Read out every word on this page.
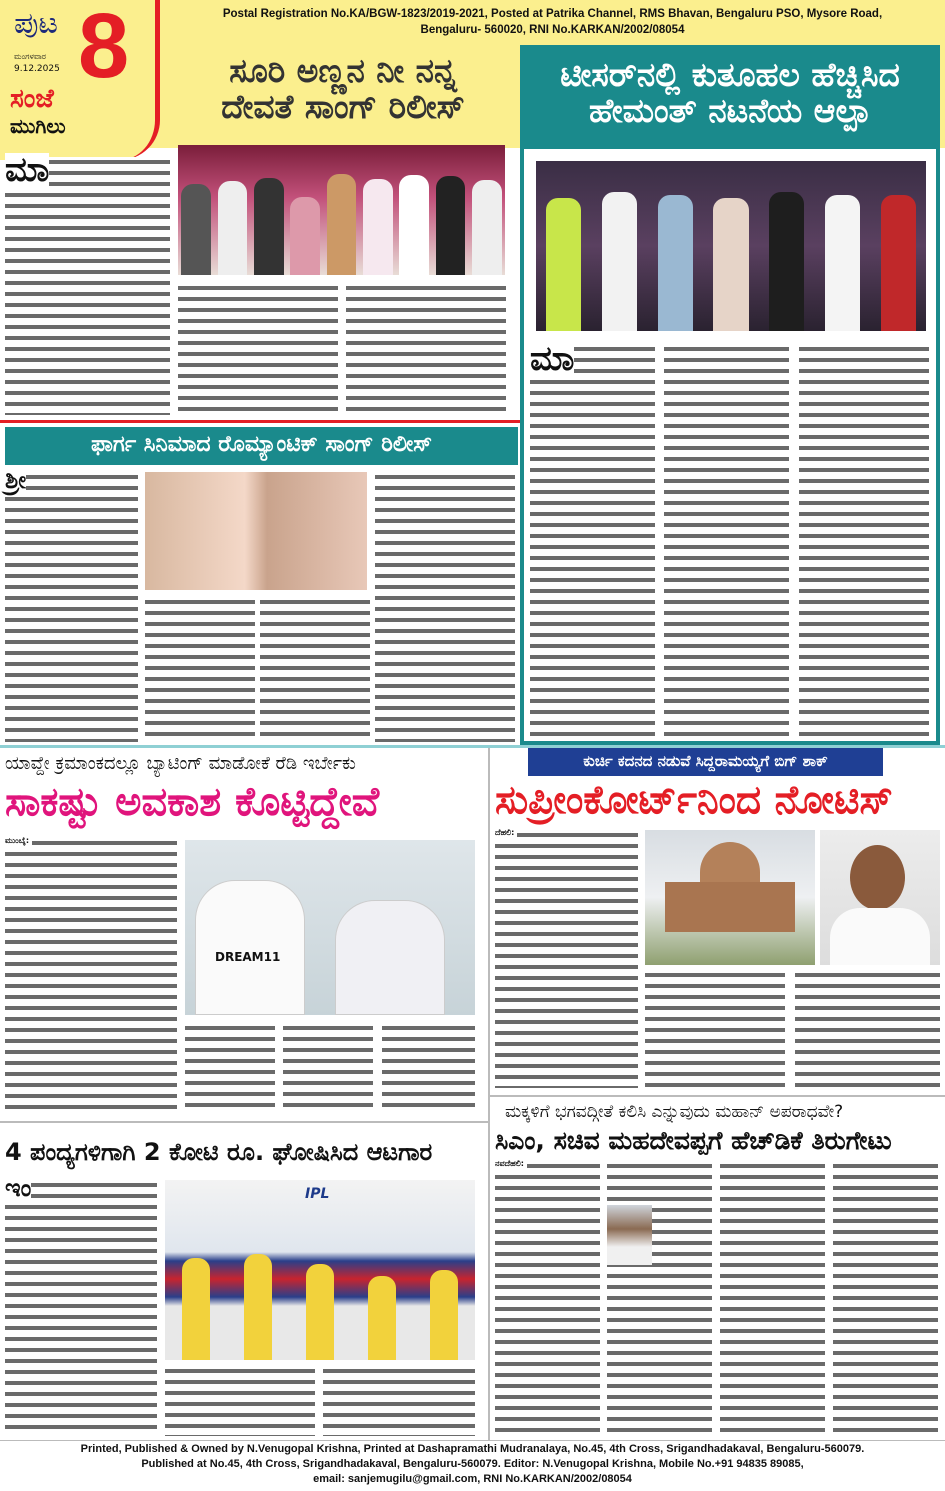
ಪುಟ 8
ಮಂಗಳವಾರ
9.12.2025
ಸಂಜೆ
ಮುಗಿಲು
Postal Registration No.KA/BGW-1823/2019-2021, Posted at Patrika Channel, RMS Bhavan, Bengaluru PSO, Mysore Road,
Bengaluru- 560020, RNI No.KARKAN/2002/08054
ಸೂರಿ ಅಣ್ಣನ ನೀ ನನ್ನ
ದೇವತೆ ಸಾಂಗ್ ರಿಲೀಸ್
ಮಾ
ಟೀಸರ್‌ನಲ್ಲಿ ಕುತೂಹಲ ಹೆಚ್ಚಿಸಿದ
ಹೇಮಂತ್ ನಟನೆಯ ಆಲ್ಪಾ
ಮಾ
ಫಾರ್ಗ ಸಿನಿಮಾದ ರೊಮ್ಯಾಂಟಿಕ್ ಸಾಂಗ್ ರಿಲೀಸ್
ಶ್ರೀ
ಯಾವ್ದೇ ಕ್ರಮಾಂಕದಲ್ಲೂ ಬ್ಯಾಟಿಂಗ್ ಮಾಡೋಕೆ ರೆಡಿ ಇರ್ಬೇಕು
ಸಾಕಷ್ಟು ಅವಕಾಶ ಕೊಟ್ಟಿದ್ದೇವೆ
DREAM11
ಮುಂಬೈ:
ಕುರ್ಚಿ ಕದನದ ನಡುವೆ ಸಿದ್ದರಾಮಯ್ಯಗೆ ಬಿಗ್ ಶಾಕ್
ಸುಪ್ರೀಂಕೋರ್ಟ್‌ನಿಂದ ನೋಟಿಸ್
ದೆಹಲಿ:
4 ಪಂದ್ಯಗಳಿಗಾಗಿ 2 ಕೋಟಿ ರೂ. ಘೋಷಿಸಿದ ಆಟಗಾರ
IPL
ಇಂ
ಮಕ್ಕಳಿಗೆ ಭಗವದ್ಗೀತೆ ಕಲಿಸಿ ಎನ್ನುವುದು ಮಹಾನ್ ಅಪರಾಧವೇ?
ಸಿಎಂ, ಸಚಿವ ಮಹದೇವಪ್ಪಗೆ ಹೆಚ್‌ಡಿಕೆ ತಿರುಗೇಟು
ನವದೆಹಲಿ:
Printed, Published & Owned by N.Venugopal Krishna, Printed at Dashapramathi Mudranalaya, No.45, 4th Cross, Srigandhadakaval, Bengaluru-560079.
Published at No.45, 4th Cross, Srigandhadakaval, Bengaluru-560079. Editor: N.Venugopal Krishna, Mobile No.+91 94835 89085,
email: sanjemugilu@gmail.com, RNI No.KARKAN/2002/08054
